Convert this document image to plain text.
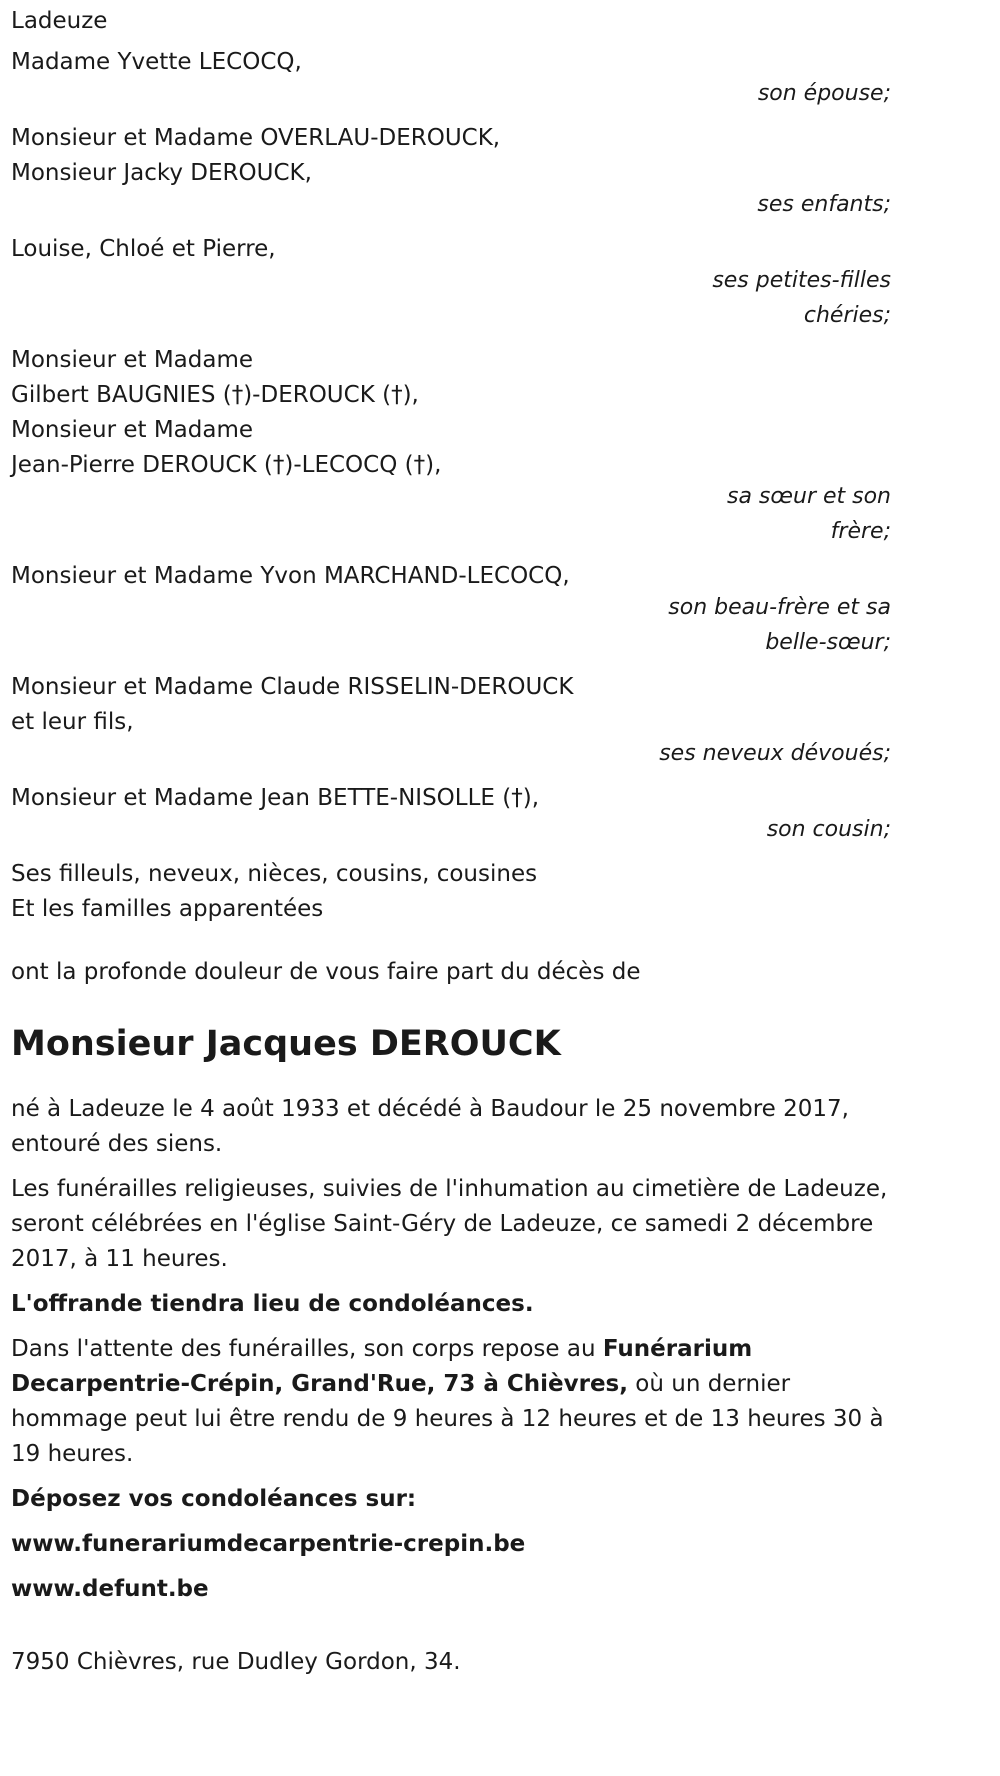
Ladeuze
Madame Yvette LECOCQ,
son épouse;
Monsieur et Madame OVERLAU-DEROUCK,
Monsieur Jacky DEROUCK,
ses enfants;
Louise, Chloé et Pierre,
ses petites-filles
chéries;
Monsieur et Madame
Gilbert BAUGNIES (†)-DEROUCK (†),
Monsieur et Madame
Jean-Pierre DEROUCK (†)-LECOCQ (†),
sa sœur et son
frère;
Monsieur et Madame Yvon MARCHAND-LECOCQ,
son beau-frère et sa
belle-sœur;
Monsieur et Madame Claude RISSELIN-DEROUCK
et leur fils,
ses neveux dévoués;
Monsieur et Madame Jean BETTE-NISOLLE (†),
son cousin;
Ses filleuls, neveux, nièces, cousins, cousines
Et les familles apparentées
ont la profonde douleur de vous faire part du décès de
Monsieur Jacques DEROUCK

né à Ladeuze le 4 août 1933 et décédé à Baudour le 25 novembre 2017, entouré des siens.

Les funérailles religieuses, suivies de l'inhumation au cimetière de Ladeuze, seront célébrées en l'église Saint-Géry de Ladeuze, ce samedi 2 décembre 2017, à 11 heures.

L'offrande tiendra lieu de condoléances.

Dans l'attente des funérailles, son corps repose au Funérarium Decarpentrie-Crépin, Grand'Rue, 73 à Chièvres, où un dernier hommage peut lui être rendu de 9 heures à 12 heures et de 13 heures 30 à 19 heures.

Déposez vos condoléances sur:
www.funerariumdecarpentrie-crepin.be
www.defunt.be
7950 Chièvres, rue Dudley Gordon, 34.
